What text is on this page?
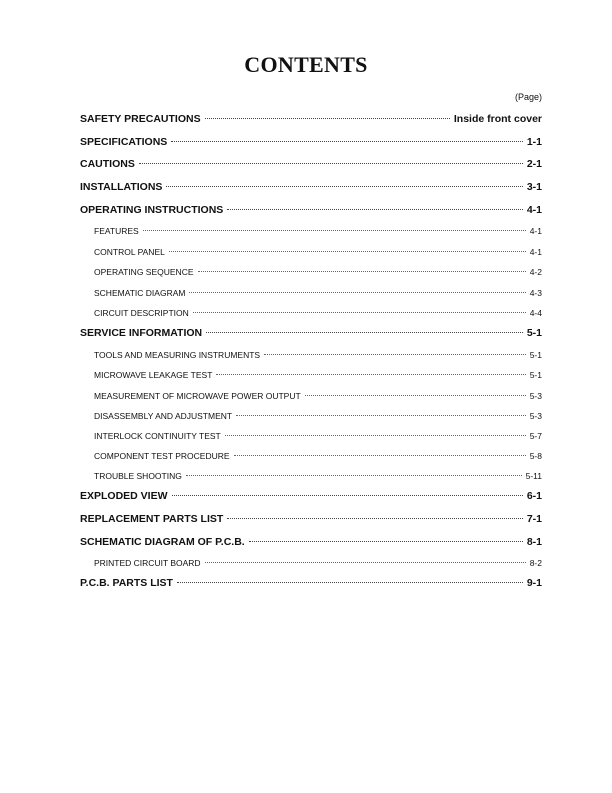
CONTENTS
(Page)
SAFETY PRECAUTIONS	Inside front cover
SPECIFICATIONS	1-1
CAUTIONS	2-1
INSTALLATIONS	3-1
OPERATING INSTRUCTIONS	4-1
FEATURES	4-1
CONTROL PANEL	4-1
OPERATING SEQUENCE	4-2
SCHEMATIC DIAGRAM	4-3
CIRCUIT DESCRIPTION	4-4
SERVICE INFORMATION	5-1
TOOLS AND MEASURING INSTRUMENTS	5-1
MICROWAVE LEAKAGE TEST	5-1
MEASUREMENT OF MICROWAVE POWER OUTPUT	5-3
DISASSEMBLY AND ADJUSTMENT	5-3
INTERLOCK CONTINUITY TEST	5-7
COMPONENT TEST PROCEDURE	5-8
TROUBLE SHOOTING	5-11
EXPLODED VIEW	6-1
REPLACEMENT PARTS LIST	7-1
SCHEMATIC DIAGRAM OF P.C.B.	8-1
PRINTED CIRCUIT BOARD	8-2
P.C.B. PARTS LIST	9-1
